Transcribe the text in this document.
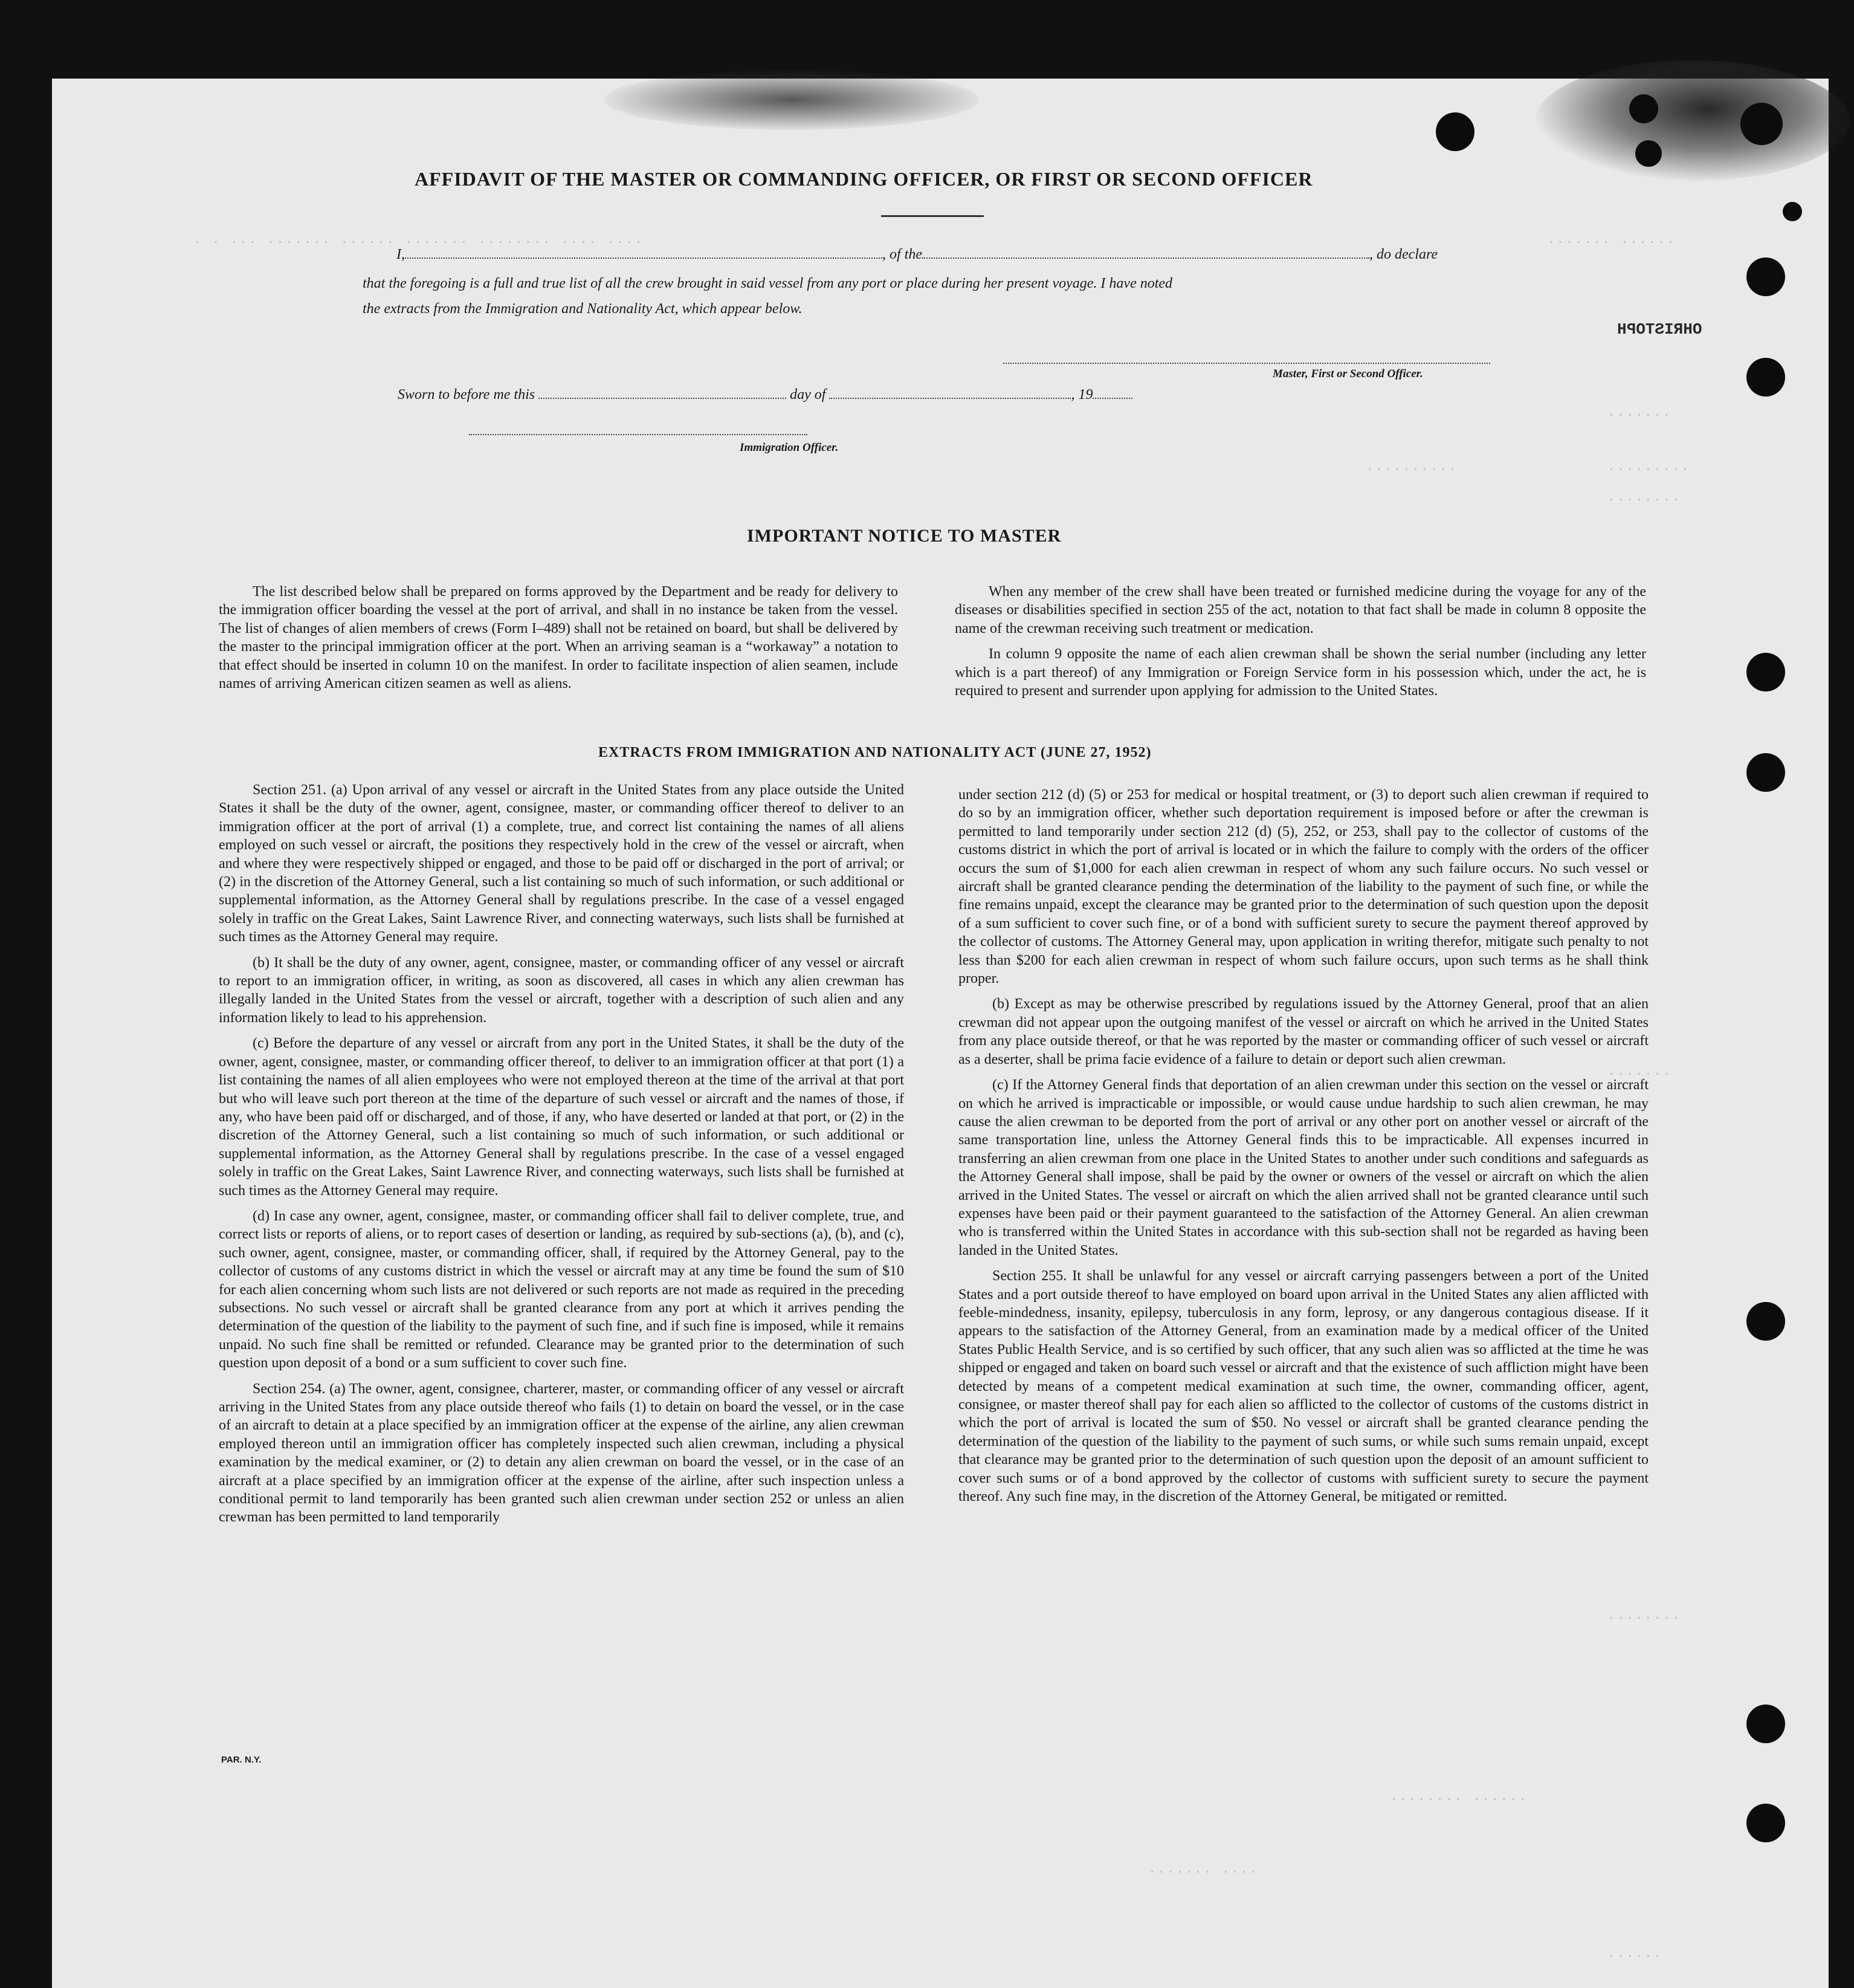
. . ... ....... ...... ....... ........ .... ....	....... ......
.......
.........
........
..........
.......
........
........ ......
....... ....
......
OHRISTOPH
AFFIDAVIT OF THE MASTER OR COMMANDING OFFICER, OR FIRST OR SECOND OFFICER
I,	, of the	, do declare
that the foregoing is a full and true list of all the crew brought in said vessel from any port or place during her present voyage. I have noted
the extracts from the Immigration and Nationality Act, which appear below.
Master, First or Second Officer.
Sworn to before me this	day of	, 19
Immigration Officer.
IMPORTANT NOTICE TO MASTER

The list described below shall be prepared on forms approved by the Department and be ready for delivery to the immigration officer boarding the vessel at the port of arrival, and shall in no instance be taken from the vessel. The list of changes of alien members of crews (Form I–489) shall not be retained on board, but shall be delivered by the master to the principal immigration officer at the port. When an arriving seaman is a “workaway” a notation to that effect should be inserted in column 10 on the manifest. In order to facilitate inspection of alien seamen, include names of arriving American citizen seamen as well as aliens.

When any member of the crew shall have been treated or furnished medicine during the voyage for any of the diseases or disabilities specified in section 255 of the act, notation to that fact shall be made in column 8 opposite the name of the crewman receiving such treatment or medication.

In column 9 opposite the name of each alien crewman shall be shown the serial number (including any letter which is a part thereof) of any Immigration or Foreign Service form in his possession which, under the act, he is required to present and surrender upon applying for admission to the United States.

EXTRACTS FROM IMMIGRATION AND NATIONALITY ACT (JUNE 27, 1952)

Section 251. (a) Upon arrival of any vessel or aircraft in the United States from any place outside the United States it shall be the duty of the owner, agent, consignee, master, or commanding officer thereof to deliver to an immigration officer at the port of arrival (1) a complete, true, and correct list containing the names of all aliens employed on such vessel or aircraft, the positions they respectively hold in the crew of the vessel or aircraft, when and where they were respectively shipped or engaged, and those to be paid off or discharged in the port of arrival; or (2) in the discretion of the Attorney General, such a list containing so much of such information, or such additional or supplemental information, as the Attorney General shall by regulations prescribe. In the case of a vessel engaged solely in traffic on the Great Lakes, Saint Lawrence River, and connecting waterways, such lists shall be furnished at such times as the Attorney General may require.

(b) It shall be the duty of any owner, agent, consignee, master, or commanding officer of any vessel or aircraft to report to an immigration officer, in writing, as soon as discovered, all cases in which any alien crewman has illegally landed in the United States from the vessel or aircraft, together with a description of such alien and any information likely to lead to his apprehension.

(c) Before the departure of any vessel or aircraft from any port in the United States, it shall be the duty of the owner, agent, consignee, master, or commanding officer thereof, to deliver to an immigration officer at that port (1) a list containing the names of all alien employees who were not employed thereon at the time of the arrival at that port but who will leave such port thereon at the time of the departure of such vessel or aircraft and the names of those, if any, who have been paid off or discharged, and of those, if any, who have deserted or landed at that port, or (2) in the discretion of the Attorney General, such a list containing so much of such information, or such additional or supplemental information, as the Attorney General shall by regulations prescribe. In the case of a vessel engaged solely in traffic on the Great Lakes, Saint Lawrence River, and connecting waterways, such lists shall be furnished at such times as the Attorney General may require.

(d) In case any owner, agent, consignee, master, or commanding officer shall fail to deliver complete, true, and correct lists or reports of aliens, or to report cases of desertion or landing, as required by sub-sections (a), (b), and (c), such owner, agent, consignee, master, or commanding officer, shall, if required by the Attorney General, pay to the collector of customs of any customs district in which the vessel or aircraft may at any time be found the sum of $10 for each alien concerning whom such lists are not delivered or such reports are not made as required in the preceding subsections. No such vessel or aircraft shall be granted clearance from any port at which it arrives pending the determination of the question of the liability to the payment of such fine, and if such fine is imposed, while it remains unpaid. No such fine shall be remitted or refunded. Clearance may be granted prior to the determination of such question upon deposit of a bond or a sum sufficient to cover such fine.

Section 254. (a) The owner, agent, consignee, charterer, master, or commanding officer of any vessel or aircraft arriving in the United States from any place outside thereof who fails (1) to detain on board the vessel, or in the case of an aircraft to detain at a place specified by an immigration officer at the expense of the airline, any alien crewman employed thereon until an immigration officer has completely inspected such alien crewman, including a physical examination by the medical examiner, or (2) to detain any alien crewman on board the vessel, or in the case of an aircraft at a place specified by an immigration officer at the expense of the airline, after such inspection unless a conditional permit to land temporarily has been granted such alien crewman under section 252 or unless an alien crewman has been permitted to land temporarily

under section 212 (d) (5) or 253 for medical or hospital treatment, or (3) to deport such alien crewman if required to do so by an immigration officer, whether such deportation requirement is imposed before or after the crewman is permitted to land temporarily under section 212 (d) (5), 252, or 253, shall pay to the collector of customs of the customs district in which the port of arrival is located or in which the failure to comply with the orders of the officer occurs the sum of $1,000 for each alien crewman in respect of whom any such failure occurs. No such vessel or aircraft shall be granted clearance pending the determination of the liability to the payment of such fine, or while the fine remains unpaid, except the clearance may be granted prior to the determination of such question upon the deposit of a sum sufficient to cover such fine, or of a bond with sufficient surety to secure the payment thereof approved by the collector of customs. The Attorney General may, upon application in writing therefor, mitigate such penalty to not less than $200 for each alien crewman in respect of whom such failure occurs, upon such terms as he shall think proper.

(b) Except as may be otherwise prescribed by regulations issued by the Attorney General, proof that an alien crewman did not appear upon the outgoing manifest of the vessel or aircraft on which he arrived in the United States from any place outside thereof, or that he was reported by the master or commanding officer of such vessel or aircraft as a deserter, shall be prima facie evidence of a failure to detain or deport such alien crewman.

(c) If the Attorney General finds that deportation of an alien crewman under this section on the vessel or aircraft on which he arrived is impracticable or impossible, or would cause undue hardship to such alien crewman, he may cause the alien crewman to be deported from the port of arrival or any other port on another vessel or aircraft of the same transportation line, unless the Attorney General finds this to be impracticable. All expenses incurred in transferring an alien crewman from one place in the United States to another under such conditions and safeguards as the Attorney General shall impose, shall be paid by the owner or owners of the vessel or aircraft on which the alien arrived in the United States. The vessel or aircraft on which the alien arrived shall not be granted clearance until such expenses have been paid or their payment guaranteed to the satisfaction of the Attorney General. An alien crewman who is transferred within the United States in accordance with this sub-section shall not be regarded as having been landed in the United States.

Section 255. It shall be unlawful for any vessel or aircraft carrying passengers between a port of the United States and a port outside thereof to have employed on board upon arrival in the United States any alien afflicted with feeble-mindedness, insanity, epilepsy, tuberculosis in any form, leprosy, or any dangerous contagious disease. If it appears to the satisfaction of the Attorney General, from an examination made by a medical officer of the United States Public Health Service, and is so certified by such officer, that any such alien was so afflicted at the time he was shipped or engaged and taken on board such vessel or aircraft and that the existence of such affliction might have been detected by means of a competent medical examination at such time, the owner, commanding officer, agent, consignee, or master thereof shall pay for each alien so afflicted to the collector of customs of the customs district in which the port of arrival is located the sum of $50. No vessel or aircraft shall be granted clearance pending the determination of the question of the liability to the payment of such sums, or while such sums remain unpaid, except that clearance may be granted prior to the determination of such question upon the deposit of an amount sufficient to cover such sums or of a bond approved by the collector of customs with sufficient surety to secure the payment thereof. Any such fine may, in the discretion of the Attorney General, be mitigated or remitted.

PAR. N.Y.
